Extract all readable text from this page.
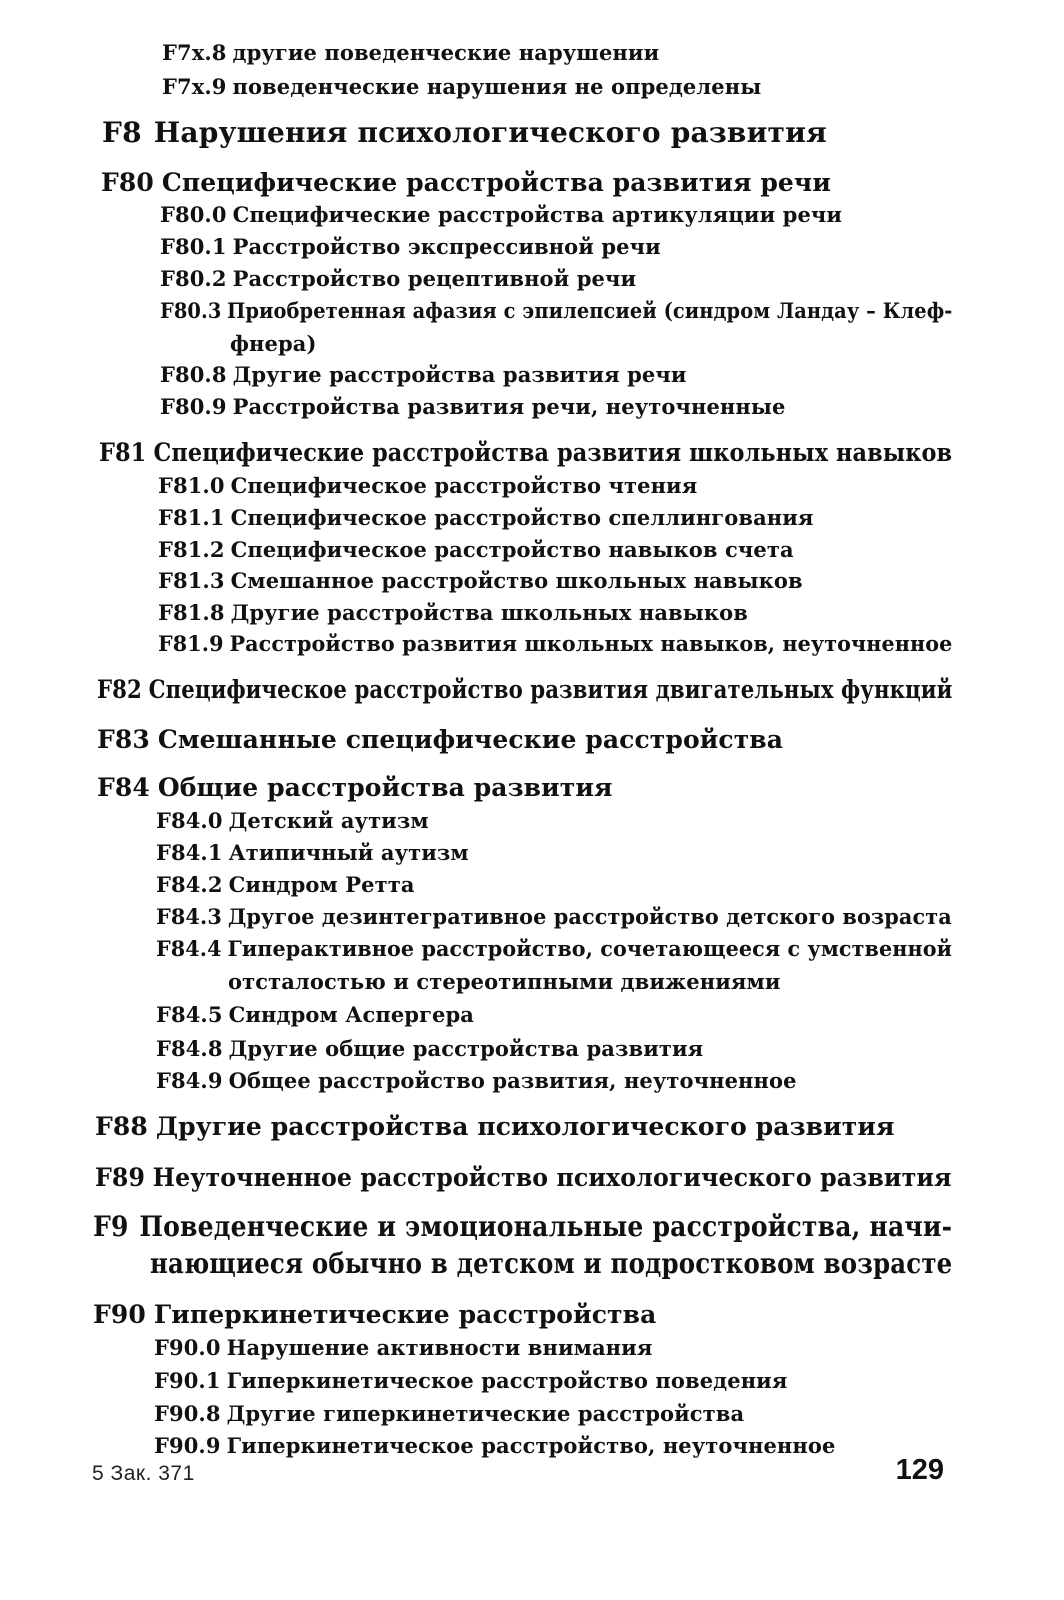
F7x.8 другие поведенческие нарушении
F7x.9 поведенческие нарушения не определены
F8 Нарушения психологического развития
F80 Специфические расстройства развития речи
F80.0 Специфические расстройства артикуляции речи
F80.1 Расстройство экспрессивной речи
F80.2 Расстройство рецептивной речи
F80.3 Приобретенная афазия с эпилепсией (синдром Ландау – Клеф-
фнера)
F80.8 Другие расстройства развития речи
F80.9 Расстройства развития речи, неуточненные
F81 Специфические расстройства развития школьных навыков
F81.0 Специфическое расстройство чтения
F81.1 Специфическое расстройство спеллингования
F81.2 Специфическое расстройство навыков счета
F81.3 Смешанное расстройство школьных навыков
F81.8 Другие расстройства школьных навыков
F81.9 Расстройство развития школьных навыков, неуточненное
F82 Специфическое расстройство развития двигательных функций
F83 Смешанные специфические расстройства
F84 Общие расстройства развития
F84.0 Детский аутизм
F84.1 Атипичный аутизм
F84.2 Синдром Ретта
F84.3 Другое дезинтегративное расстройство детского возраста
F84.4 Гиперактивное расстройство, сочетающееся с умственной
отсталостью и стереотипными движениями
F84.5 Синдром Аспергера
F84.8 Другие общие расстройства развития
F84.9 Общее расстройство развития, неуточненное
F88 Другие расстройства психологического развития
F89 Неуточненное расстройство психологического развития
F9 Поведенческие и эмоциональные расстройства, начи-
нающиеся обычно в детском и подростковом возрасте
F90 Гиперкинетические расстройства
F90.0 Нарушение активности внимания
F90.1 Гиперкинетическое расстройство поведения
F90.8 Другие гиперкинетические расстройства
F90.9 Гиперкинетическое расстройство, неуточненное
5 Зак. 371	129
